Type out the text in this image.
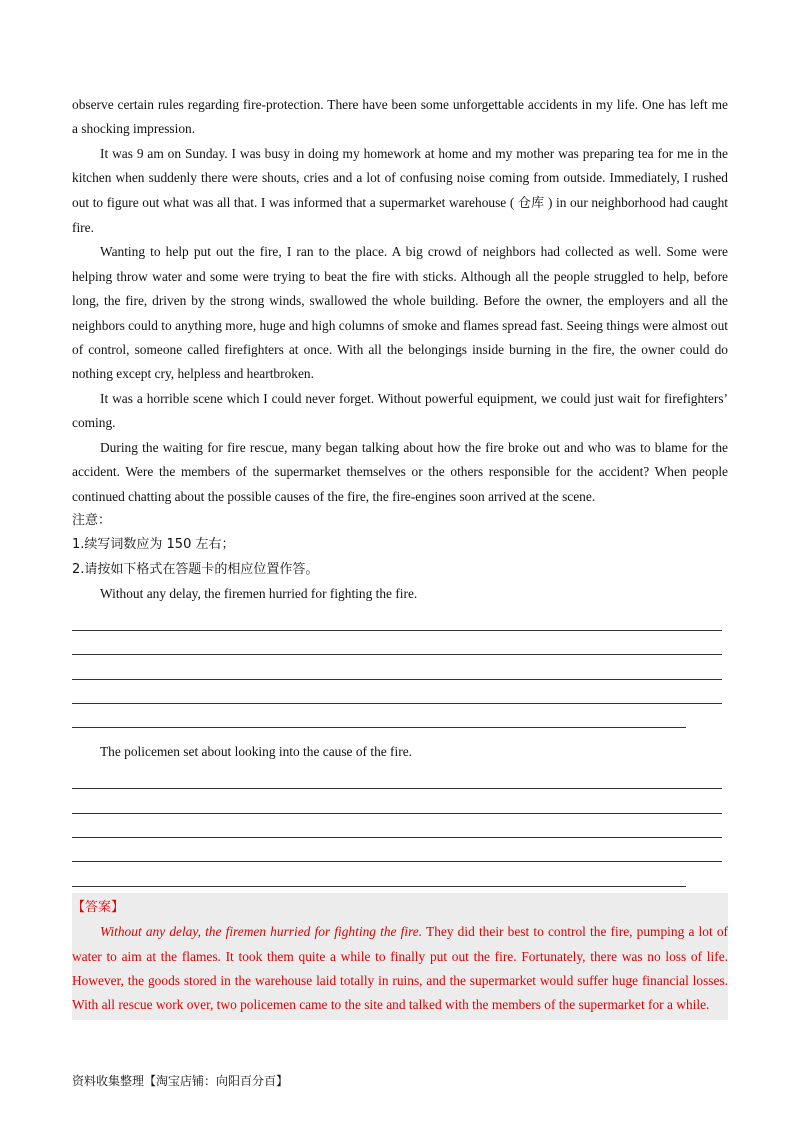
observe certain rules regarding fire-protection. There have been some unforgettable accidents in my life. One has left me a shocking impression.

It was 9 am on Sunday. I was busy in doing my homework at home and my mother was preparing tea for me in the kitchen when suddenly there were shouts, cries and a lot of confusing noise coming from outside. Immediately, I rushed out to figure out what was all that. I was informed that a supermarket warehouse ( 仓库 ) in our neighborhood had caught fire.

Wanting to help put out the fire, I ran to the place. A big crowd of neighbors had collected as well. Some were helping throw water and some were trying to beat the fire with sticks. Although all the people struggled to help, before long, the fire, driven by the strong winds, swallowed the whole building. Before the owner, the employers and all the neighbors could to anything more, huge and high columns of smoke and flames spread fast. Seeing things were almost out of control, someone called firefighters at once. With all the belongings inside burning in the fire, the owner could do nothing except cry, helpless and heartbroken.

It was a horrible scene which I could never forget. Without powerful equipment, we could just wait for firefighters’ coming.

During the waiting for fire rescue, many began talking about how the fire broke out and who was to blame for the accident. Were the members of the supermarket themselves or the others responsible for the accident? When people continued chatting about the possible causes of the fire, the fire-engines soon arrived at the scene.

注意：

1.续写词数应为 150 左右；

2.请按如下格式在答题卡的相应位置作答。

Without any delay, the firemen hurried for fighting the fire.

The policemen set about looking into the cause of the fire.

【答案】

Without any delay, the firemen hurried for fighting the fire. They did their best to control the fire, pumping a lot of water to aim at the flames. It took them quite a while to finally put out the fire. Fortunately, there was no loss of life. However, the goods stored in the warehouse laid totally in ruins, and the supermarket would suffer huge financial losses. With all rescue work over, two policemen came to the site and talked with the members of the supermarket for a while.

资料收集整理【淘宝店铺：向阳百分百】
